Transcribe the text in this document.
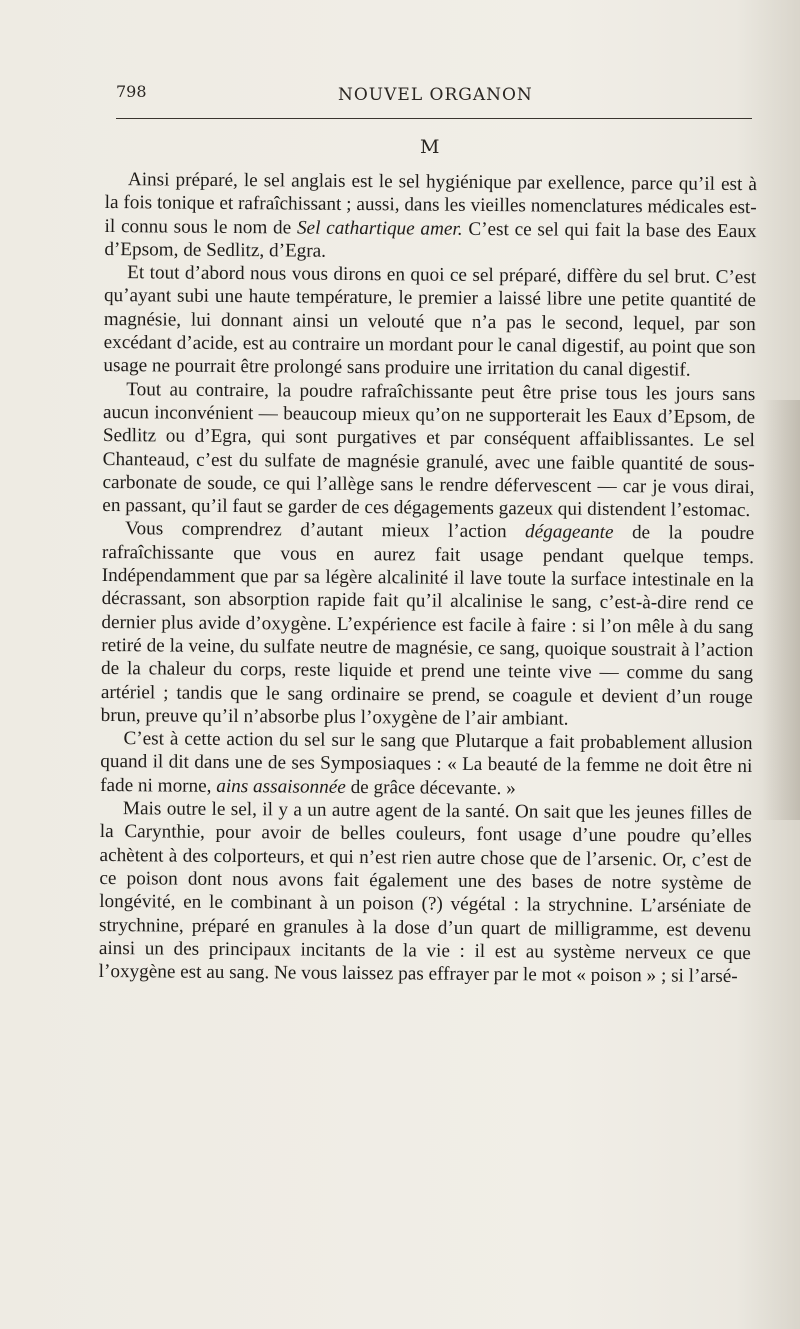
798	NOUVEL ORGANON
M

Ainsi préparé, le sel anglais est le sel hygiénique par exellence, parce qu’il est à la fois tonique et rafraîchissant ; aussi, dans les vieilles nomenclatures médicales est-il connu sous le nom de Sel cathartique amer. C’est ce sel qui fait la base des Eaux d’Epsom, de Sedlitz, d’Egra.

Et tout d’abord nous vous dirons en quoi ce sel préparé, diffère du sel brut. C’est qu’ayant subi une haute température, le premier a laissé libre une petite quantité de magnésie, lui donnant ainsi un velouté que n’a pas le second, lequel, par son excédant d’acide, est au contraire un mordant pour le canal digestif, au point que son usage ne pourrait être prolongé sans produire une irritation du canal digestif.

Tout au contraire, la poudre rafraîchissante peut être prise tous les jours sans aucun inconvénient — beaucoup mieux qu’on ne supporterait les Eaux d’Epsom, de Sedlitz ou d’Egra, qui sont purgatives et par conséquent affaiblissantes. Le sel Chanteaud, c’est du sulfate de magnésie granulé, avec une faible quantité de sous-carbonate de soude, ce qui l’allège sans le rendre défervescent — car je vous dirai, en passant, qu’il faut se garder de ces dégagements gazeux qui distendent l’estomac.

Vous comprendrez d’autant mieux l’action dégageante de la poudre rafraîchissante que vous en aurez fait usage pendant quelque temps. Indépendamment que par sa légère alcalinité il lave toute la surface intestinale en la décrassant, son absorption rapide fait qu’il alcalinise le sang, c’est-à-dire rend ce dernier plus avide d’oxygène. L’expérience est facile à faire : si l’on mêle à du sang retiré de la veine, du sulfate neutre de magnésie, ce sang, quoique soustrait à l’action de la chaleur du corps, reste liquide et prend une teinte vive — comme du sang artériel ; tandis que le sang ordinaire se prend, se coagule et devient d’un rouge brun, preuve qu’il n’absorbe plus l’oxygène de l’air ambiant.

C’est à cette action du sel sur le sang que Plutarque a fait probablement allusion quand il dit dans une de ses Symposiaques : « La beauté de la femme ne doit être ni fade ni morne, ains assaisonnée de grâce décevante. »

Mais outre le sel, il y a un autre agent de la santé. On sait que les jeunes filles de la Carynthie, pour avoir de belles couleurs, font usage d’une poudre qu’elles achètent à des colporteurs, et qui n’est rien autre chose que de l’arsenic. Or, c’est de ce poison dont nous avons fait également une des bases de notre système de longévité, en le combinant à un poison (?) végétal : la strychnine. L’arséniate de strychnine, préparé en granules à la dose d’un quart de milligramme, est devenu ainsi un des principaux incitants de la vie : il est au système nerveux ce que l’oxygène est au sang. Ne vous laissez pas effrayer par le mot « poison » ; si l’arsé-
